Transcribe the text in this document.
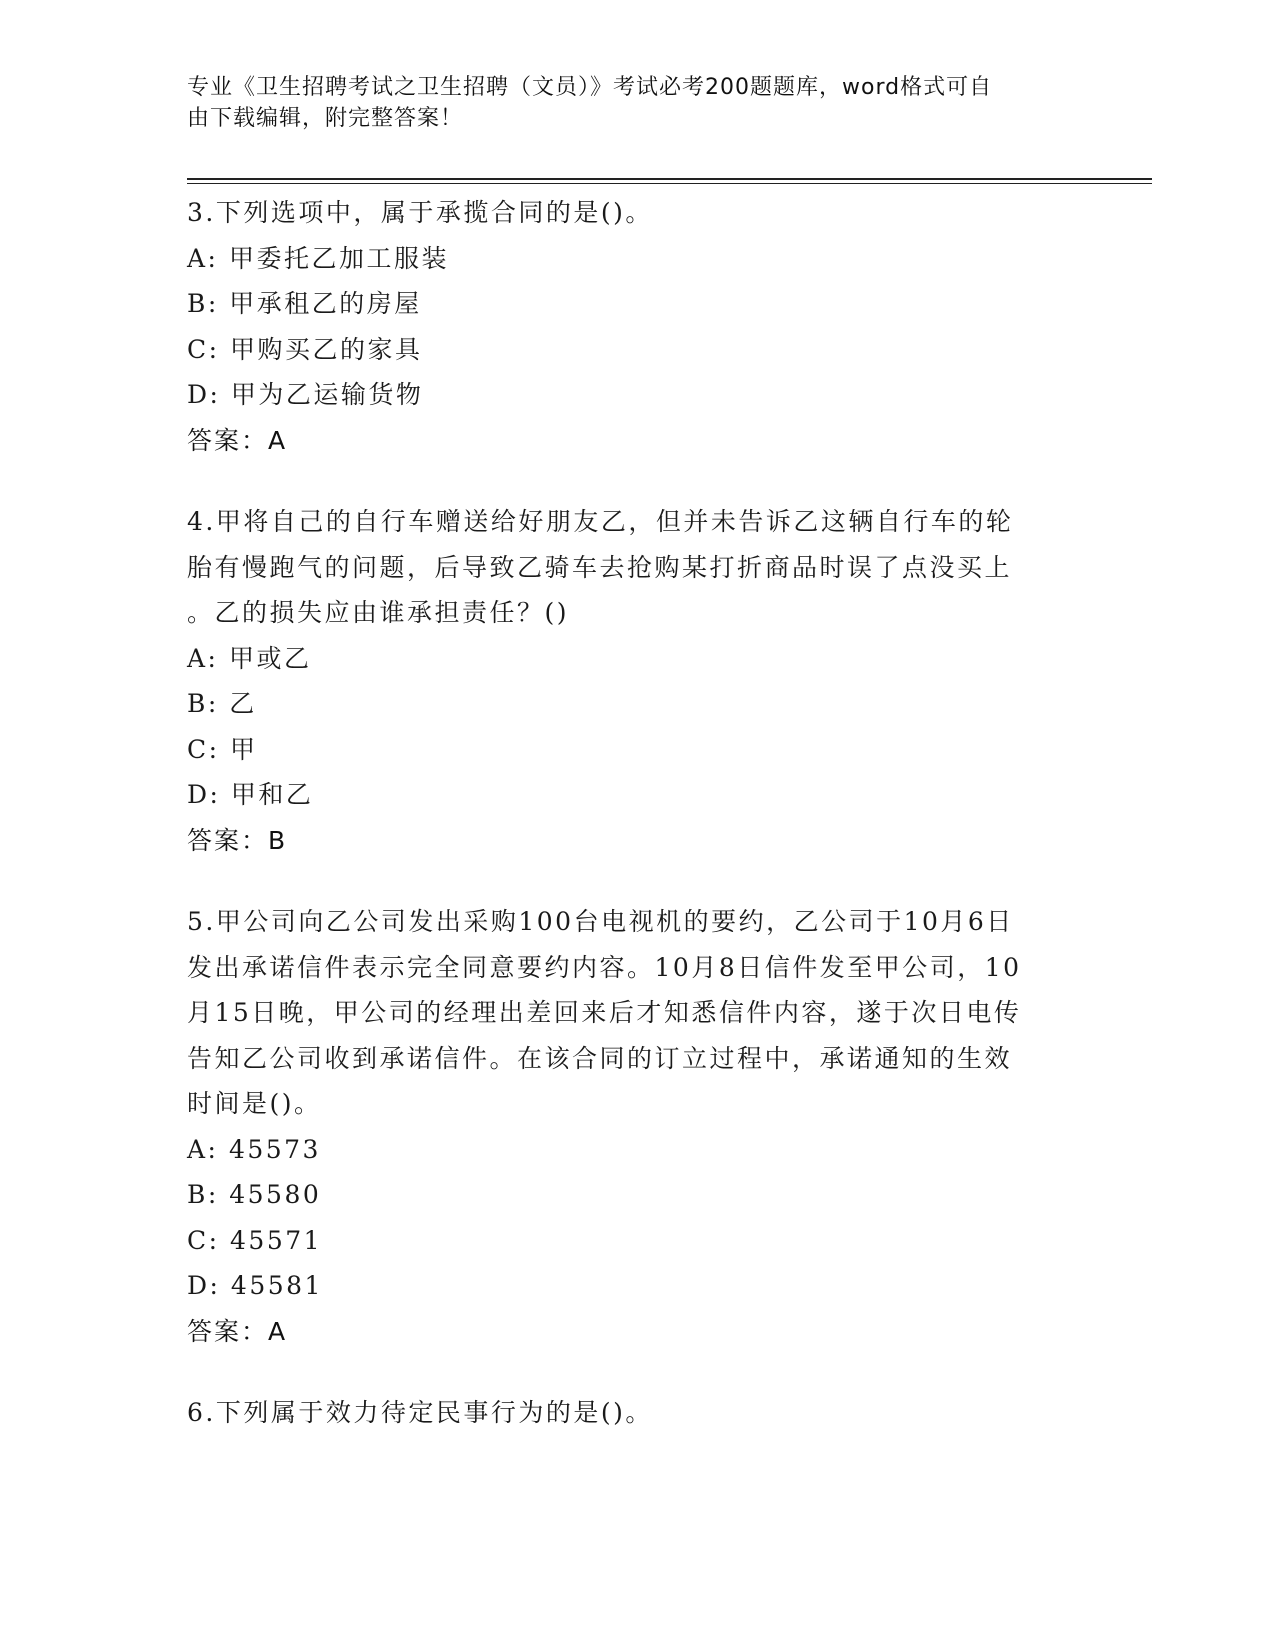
专业《卫生招聘考试之卫生招聘（文员）》考试必考200题题库，word格式可自
由下载编辑，附完整答案！
3.下列选项中，属于承揽合同的是()。
A: 甲委托乙加工服装
B: 甲承租乙的房屋
C: 甲购买乙的家具
D: 甲为乙运输货物
答案：A
4.甲将自己的自行车赠送给好朋友乙，但并未告诉乙这辆自行车的轮
胎有慢跑气的问题，后导致乙骑车去抢购某打折商品时误了点没买上
。乙的损失应由谁承担责任？()
A: 甲或乙
B: 乙
C: 甲
D: 甲和乙
答案：B
5.甲公司向乙公司发出采购100台电视机的要约，乙公司于10月6日
发出承诺信件表示完全同意要约内容。10月8日信件发至甲公司，10
月15日晚，甲公司的经理出差回来后才知悉信件内容，遂于次日电传
告知乙公司收到承诺信件。在该合同的订立过程中，承诺通知的生效
时间是()。
A: 45573
B: 45580
C: 45571
D: 45581
答案：A
6.下列属于效力待定民事行为的是()。
